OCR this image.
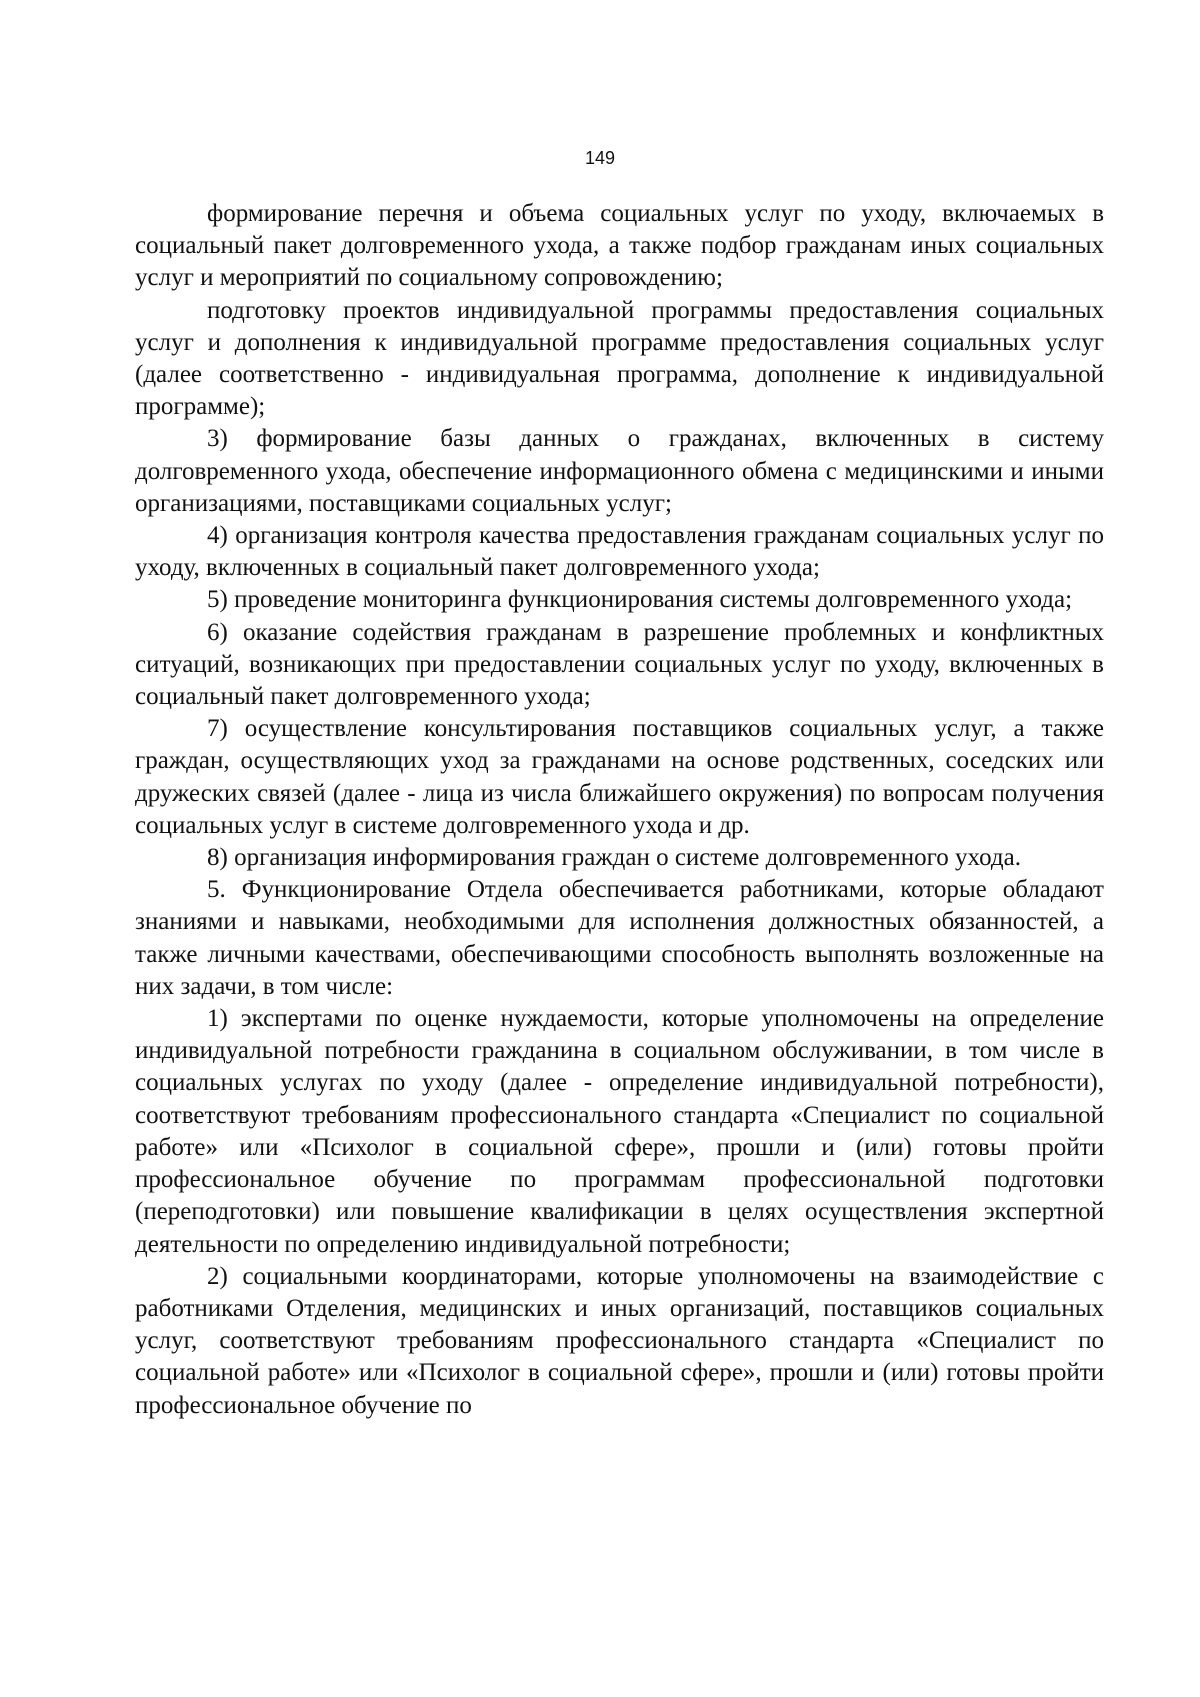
149

формирование перечня и объема социальных услуг по уходу, включаемых в социальный пакет долговременного ухода, а также подбор гражданам иных социальных услуг и мероприятий по социальному сопровождению;

подготовку проектов индивидуальной программы предоставления социальных услуг и дополнения к индивидуальной программе предоставления социальных услуг (далее соответственно - индивидуальная программа, дополнение к индивидуальной программе);

3) формирование базы данных о гражданах, включенных в систему долговременного ухода, обеспечение информационного обмена с медицинскими и иными организациями, поставщиками социальных услуг;

4) организация контроля качества предоставления гражданам социальных услуг по уходу, включенных в социальный пакет долговременного ухода;

5) проведение мониторинга функционирования системы долговременного ухода;

6) оказание содействия гражданам в разрешение проблемных и конфликтных ситуаций, возникающих при предоставлении социальных услуг по уходу, включенных в социальный пакет долговременного ухода;

7) осуществление консультирования поставщиков социальных услуг, а также граждан, осуществляющих уход за гражданами на основе родственных, соседских или дружеских связей (далее - лица из числа ближайшего окружения) по вопросам получения социальных услуг в системе долговременного ухода и др.

8) организация информирования граждан о системе долговременного ухода.

5. Функционирование Отдела обеспечивается работниками, которые обладают знаниями и навыками, необходимыми для исполнения должностных обязанностей, а также личными качествами, обеспечивающими способность выполнять возложенные на них задачи, в том числе:

1) экспертами по оценке нуждаемости, которые уполномочены на определение индивидуальной потребности гражданина в социальном обслуживании, в том числе в социальных услугах по уходу (далее - определение индивидуальной потребности), соответствуют требованиям профессионального стандарта «Специалист по социальной работе» или «Психолог в социальной сфере», прошли и (или) готовы пройти профессиональное обучение по программам профессиональной подготовки (переподготовки) или повышение квалификации в целях осуществления экспертной деятельности по определению индивидуальной потребности;

2) социальными координаторами, которые уполномочены на взаимодействие с работниками Отделения, медицинских и иных организаций, поставщиков социальных услуг, соответствуют требованиям профессионального стандарта «Специалист по социальной работе» или «Психолог в социальной сфере», прошли и (или) готовы пройти профессиональное обучение по
